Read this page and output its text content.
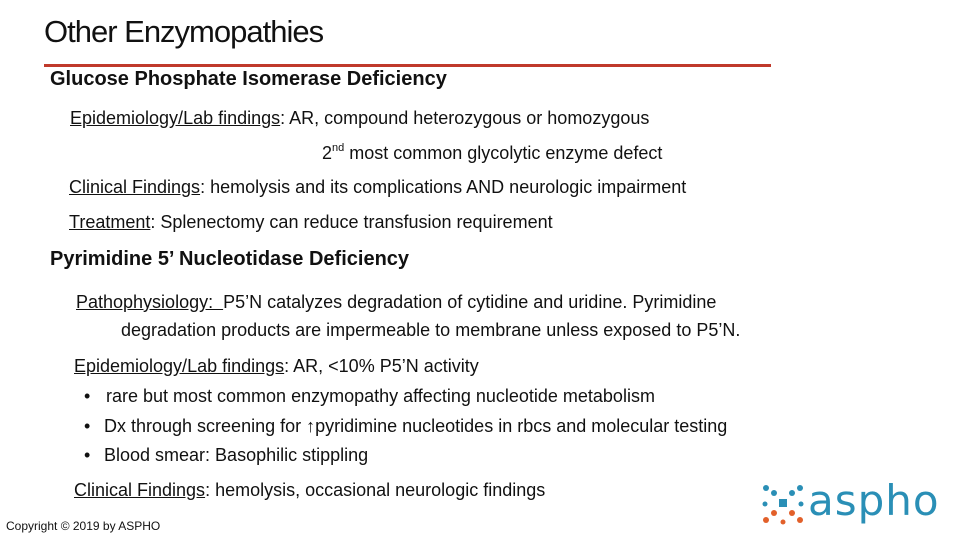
Other Enzymopathies
Glucose Phosphate Isomerase Deficiency
Epidemiology/Lab findings: AR, compound heterozygous or homozygous
2nd most common glycolytic enzyme defect
Clinical Findings: hemolysis and its complications AND neurologic impairment
Treatment: Splenectomy can reduce transfusion requirement
Pyrimidine 5’ Nucleotidase Deficiency
Pathophysiology:  P5’N catalyzes degradation of cytidine and uridine. Pyrimidine
degradation products are impermeable to membrane unless exposed to P5’N.
Epidemiology/Lab findings: AR, <10% P5’N activity
• rare but most common enzymopathy affecting nucleotide metabolism
• Dx through screening for ↑pyridimine nucleotides in rbcs and molecular testing
• Blood smear: Basophilic stippling
Clinical Findings: hemolysis, occasional neurologic findings
Copyright © 2019 by ASPHO
aspho
